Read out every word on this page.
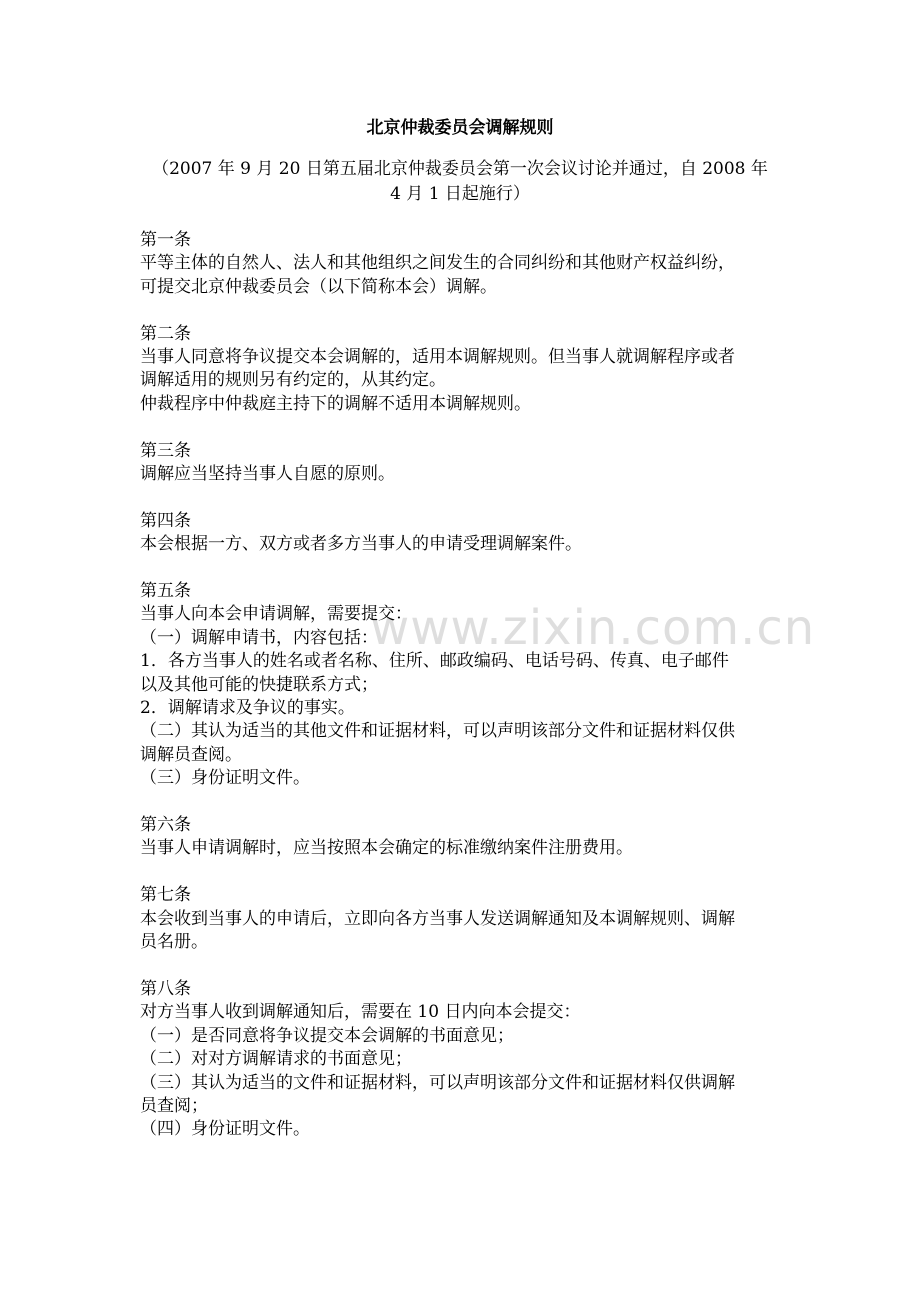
www.zixin.com.cn
北京仲裁委员会调解规则
（2007 年 9 月 20 日第五届北京仲裁委员会第一次会议讨论并通过，自 2008 年
4 月 1 日起施行）

第一条

平等主体的自然人、法人和其他组织之间发生的合同纠纷和其他财产权益纠纷，

可提交北京仲裁委员会（以下简称本会）调解。

第二条

当事人同意将争议提交本会调解的，适用本调解规则。但当事人就调解程序或者

调解适用的规则另有约定的，从其约定。

仲裁程序中仲裁庭主持下的调解不适用本调解规则。

第三条

调解应当坚持当事人自愿的原则。

第四条

本会根据一方、双方或者多方当事人的申请受理调解案件。

第五条

当事人向本会申请调解，需要提交：

（一）调解申请书，内容包括：

1．各方当事人的姓名或者名称、住所、邮政编码、电话号码、传真、电子邮件

以及其他可能的快捷联系方式；

2．调解请求及争议的事实。

（二）其认为适当的其他文件和证据材料，可以声明该部分文件和证据材料仅供

调解员查阅。

（三）身份证明文件。

第六条

当事人申请调解时，应当按照本会确定的标准缴纳案件注册费用。

第七条

本会收到当事人的申请后，立即向各方当事人发送调解通知及本调解规则、调解

员名册。

第八条

对方当事人收到调解通知后，需要在 10 日内向本会提交：

（一）是否同意将争议提交本会调解的书面意见；

（二）对对方调解请求的书面意见；

（三）其认为适当的文件和证据材料，可以声明该部分文件和证据材料仅供调解

员查阅；

（四）身份证明文件。
